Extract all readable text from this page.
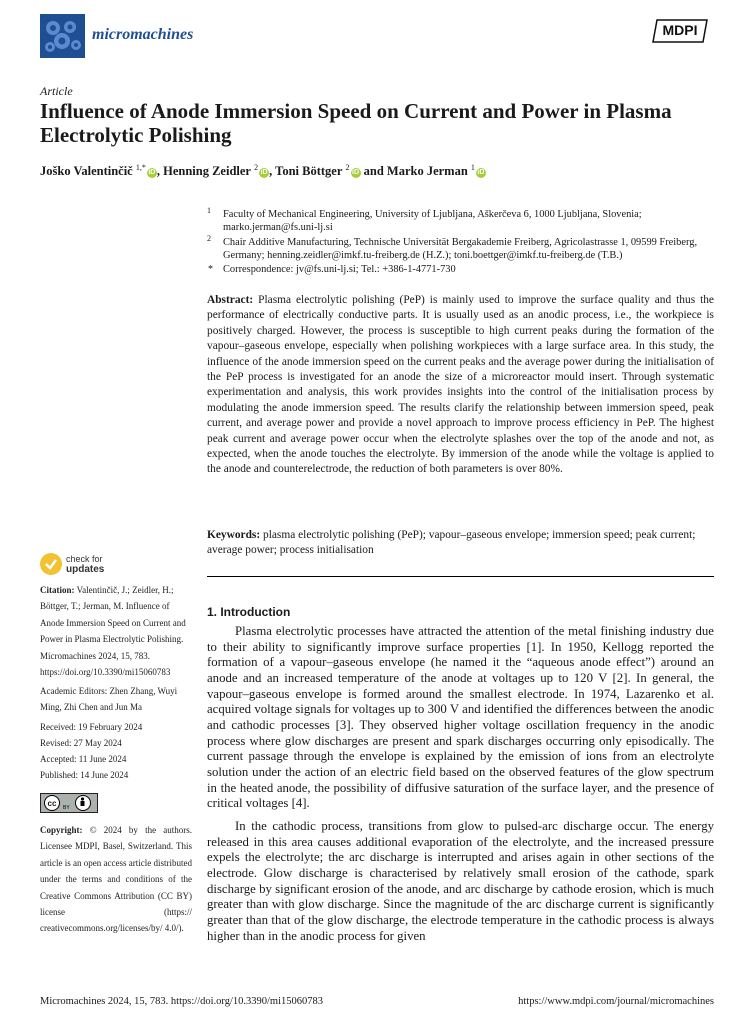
micromachines	MDPI
Article
Influence of Anode Immersion Speed on Current and Power in Plasma Electrolytic Polishing
Joško Valentinčič $^{1,*}$iD , Henning Zeidler $^2$iD , Toni Böttger $^2$iD and Marko Jerman $^1$iD
1 Faculty of Mechanical Engineering, University of Ljubljana, Aškerčeva 6, 1000 Ljubljana, Slovenia; marko.jerman@fs.uni-lj.si
2 Chair Additive Manufacturing, Technische Universität Bergakademie Freiberg, Agricolastrasse 1, 09599 Freiberg, Germany; henning.zeidler@imkf.tu-freiberg.de (H.Z.); toni.boettger@imkf.tu-freiberg.de (T.B.)
* Correspondence: jv@fs.uni-lj.si; Tel.: +386-1-4771-730
Abstract: Plasma electrolytic polishing (PeP) is mainly used to improve the surface quality and thus the performance of electrically conductive parts. It is usually used as an anodic process, i.e., the workpiece is positively charged. However, the process is susceptible to high current peaks during the formation of the vapour–gaseous envelope, especially when polishing workpieces with a large surface area. In this study, the influence of the anode immersion speed on the current peaks and the average power during the initialisation of the PeP process is investigated for an anode the size of a microreactor mould insert. Through systematic experimentation and analysis, this work provides insights into the control of the initialisation process by modulating the anode immersion speed. The results clarify the relationship between immersion speed, peak current, and average power and provide a novel approach to improve process efficiency in PeP. The highest peak current and average power occur when the electrolyte splashes over the top of the anode and not, as expected, when the anode touches the electrolyte. By immersion of the anode while the voltage is applied to the anode and counterelectrode, the reduction of both parameters is over 80%.
Keywords: plasma electrolytic polishing (PeP); vapour–gaseous envelope; immersion speed; peak current; average power; process initialisation
check for
updates
Citation: Valentinčič, J.; Zeidler, H.; Böttger, T.; Jerman, M. Influence of Anode Immersion Speed on Current and Power in Plasma Electrolytic Polishing. Micromachines 2024, 15, 783. https://doi.org/10.3390/mi15060783
Academic Editors: Zhen Zhang, Wuyi Ming, Zhi Chen and Jun Ma
Received: 19 February 2024
Revised: 27 May 2024
Accepted: 11 June 2024
Published: 14 June 2024
cc	BY
Copyright: © 2024 by the authors. Licensee MDPI, Basel, Switzerland. This article is an open access article distributed under the terms and conditions of the Creative Commons Attribution (CC BY) license (https:// creativecommons.org/licenses/by/ 4.0/).
1. Introduction
Plasma electrolytic processes have attracted the attention of the metal finishing industry due to their ability to significantly improve surface properties [1]. In 1950, Kellogg reported the formation of a vapour–gaseous envelope (he named it the “aqueous anode effect”) around an anode and an increased temperature of the anode at voltages up to 120 V [2]. In general, the vapour–gaseous envelope is formed around the smallest electrode. In 1974, Lazarenko et al. acquired voltage signals for voltages up to 300 V and identified the differences between the anodic and cathodic processes [3]. They observed higher voltage oscillation frequency in the anodic process where glow discharges are present and spark discharges occurring only episodically. The current passage through the envelope is explained by the emission of ions from an electrolyte solution under the action of an electric field based on the observed features of the glow spectrum in the heated anode, the possibility of diffusive saturation of the surface layer, and the presence of critical voltages [4].
In the cathodic process, transitions from glow to pulsed-arc discharge occur. The energy released in this area causes additional evaporation of the electrolyte, and the increased pressure expels the electrolyte; the arc discharge is interrupted and arises again in other sections of the electrode. Glow discharge is characterised by relatively small erosion of the cathode, spark discharge by significant erosion of the anode, and arc discharge by cathode erosion, which is much greater than with glow discharge. Since the magnitude of the arc discharge current is significantly greater than that of the glow discharge, the electrode temperature in the cathodic process is always higher than in the anodic process for given
Micromachines 2024, 15, 783. https://doi.org/10.3390/mi15060783	https://www.mdpi.com/journal/micromachines
